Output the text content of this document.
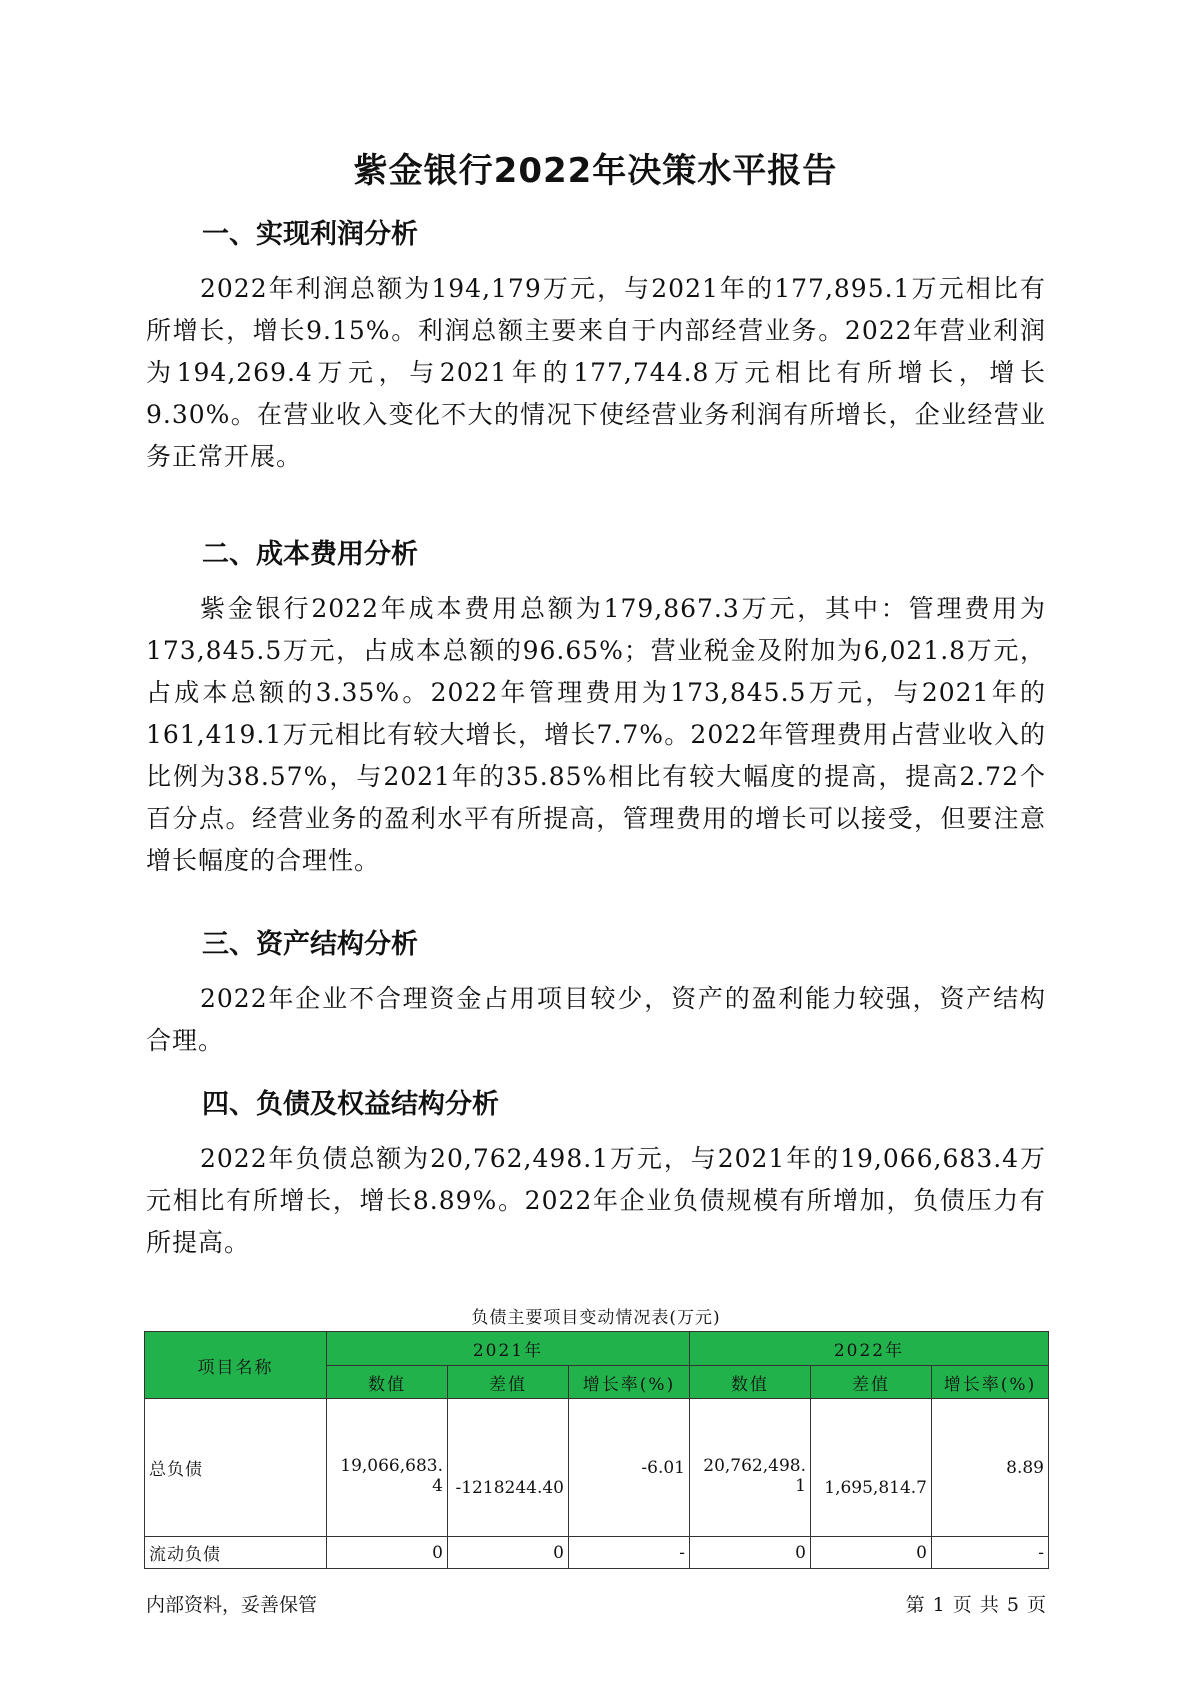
紫金银行2022年决策水平报告
一、实现利润分析

2022年利润总额为194,179万元，与2021年的177,895.1万元相比有所增长，增长9.15%。利润总额主要来自于内部经营业务。2022年营业利润为194,269.4万元，与2021年的177,744.8万元相比有所增长，增长9.30%。在营业收入变化不大的情况下使经营业务利润有所增长，企业经营业务正常开展。

二、成本费用分析

紫金银行2022年成本费用总额为179,867.3万元，其中：管理费用为173,845.5万元，占成本总额的96.65%；营业税金及附加为6,021.8万元，占成本总额的3.35%。2022年管理费用为173,845.5万元，与2021年的161,419.1万元相比有较大增长，增长7.7%。2022年管理费用占营业收入的比例为38.57%，与2021年的35.85%相比有较大幅度的提高，提高2.72个百分点。经营业务的盈利水平有所提高，管理费用的增长可以接受，但要注意增长幅度的合理性。

三、资产结构分析

2022年企业不合理资金占用项目较少，资产的盈利能力较强，资产结构合理。

四、负债及权益结构分析

2022年负债总额为20,762,498.1万元，与2021年的19,066,683.4万元相比有所增长，增长8.89%。2022年企业负债规模有所增加，负债压力有所提高。

负债主要项目变动情况表(万元)

项目名称	2021年			2022年		
	数值	差值	增长率(%)	数值	差值	增长率(%)
总负债	19,066,683.4	-1218244.40	-6.01	20,762,498.1	1,695,814.7	8.89
流动负债	0	0	-	0	0	-

内部资料，妥善保管	第 1 页 共 5 页
